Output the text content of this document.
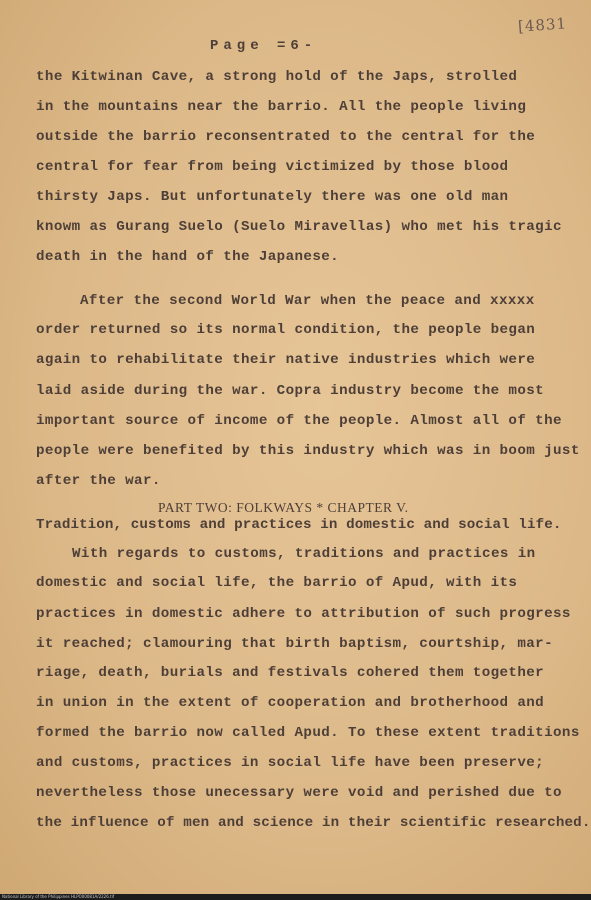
[4831
Page =6-
the Kitwinan Cave, a strong hold of the Japs, strolled
in the mountains near the barrio. All the people living
outside the barrio reconsentrated to the central for the
central for fear from being victimized by those blood
thirsty Japs. But unfortunately there was one old man
knowm as Gurang Suelo (Suelo Miravellas) who met his tragic
death in the hand of the Japanese.
After the second World War when the peace and xxxxx
order returned so its normal condition, the people began
again to rehabilitate their native industries which were
laid aside during the war. Copra industry become the most
important source of income of the people. Almost all of the
people were benefited by this industry which was in boom just
after the war.
PART TWO: FOLKWAYS * CHAPTER V.
Tradition, customs and practices in domestic and social life.
With regards to customs, traditions and practices in
domestic and social life, the barrio of Apud, with its
practices in domestic adhere to attribution of such progress
it reached; clamouring that birth baptism, courtship, mar-
riage, death, burials and festivals cohered them together
in union in the extent of cooperation and brotherhood and
formed the barrio now called Apud. To these extent traditions
and customs, practices in social life have been preserve;
nevertheless those unecessary were void and perished due to
the influence of men and science in their scientific researched.
National Library of the Philippines HLPO00081A/2226.tif
